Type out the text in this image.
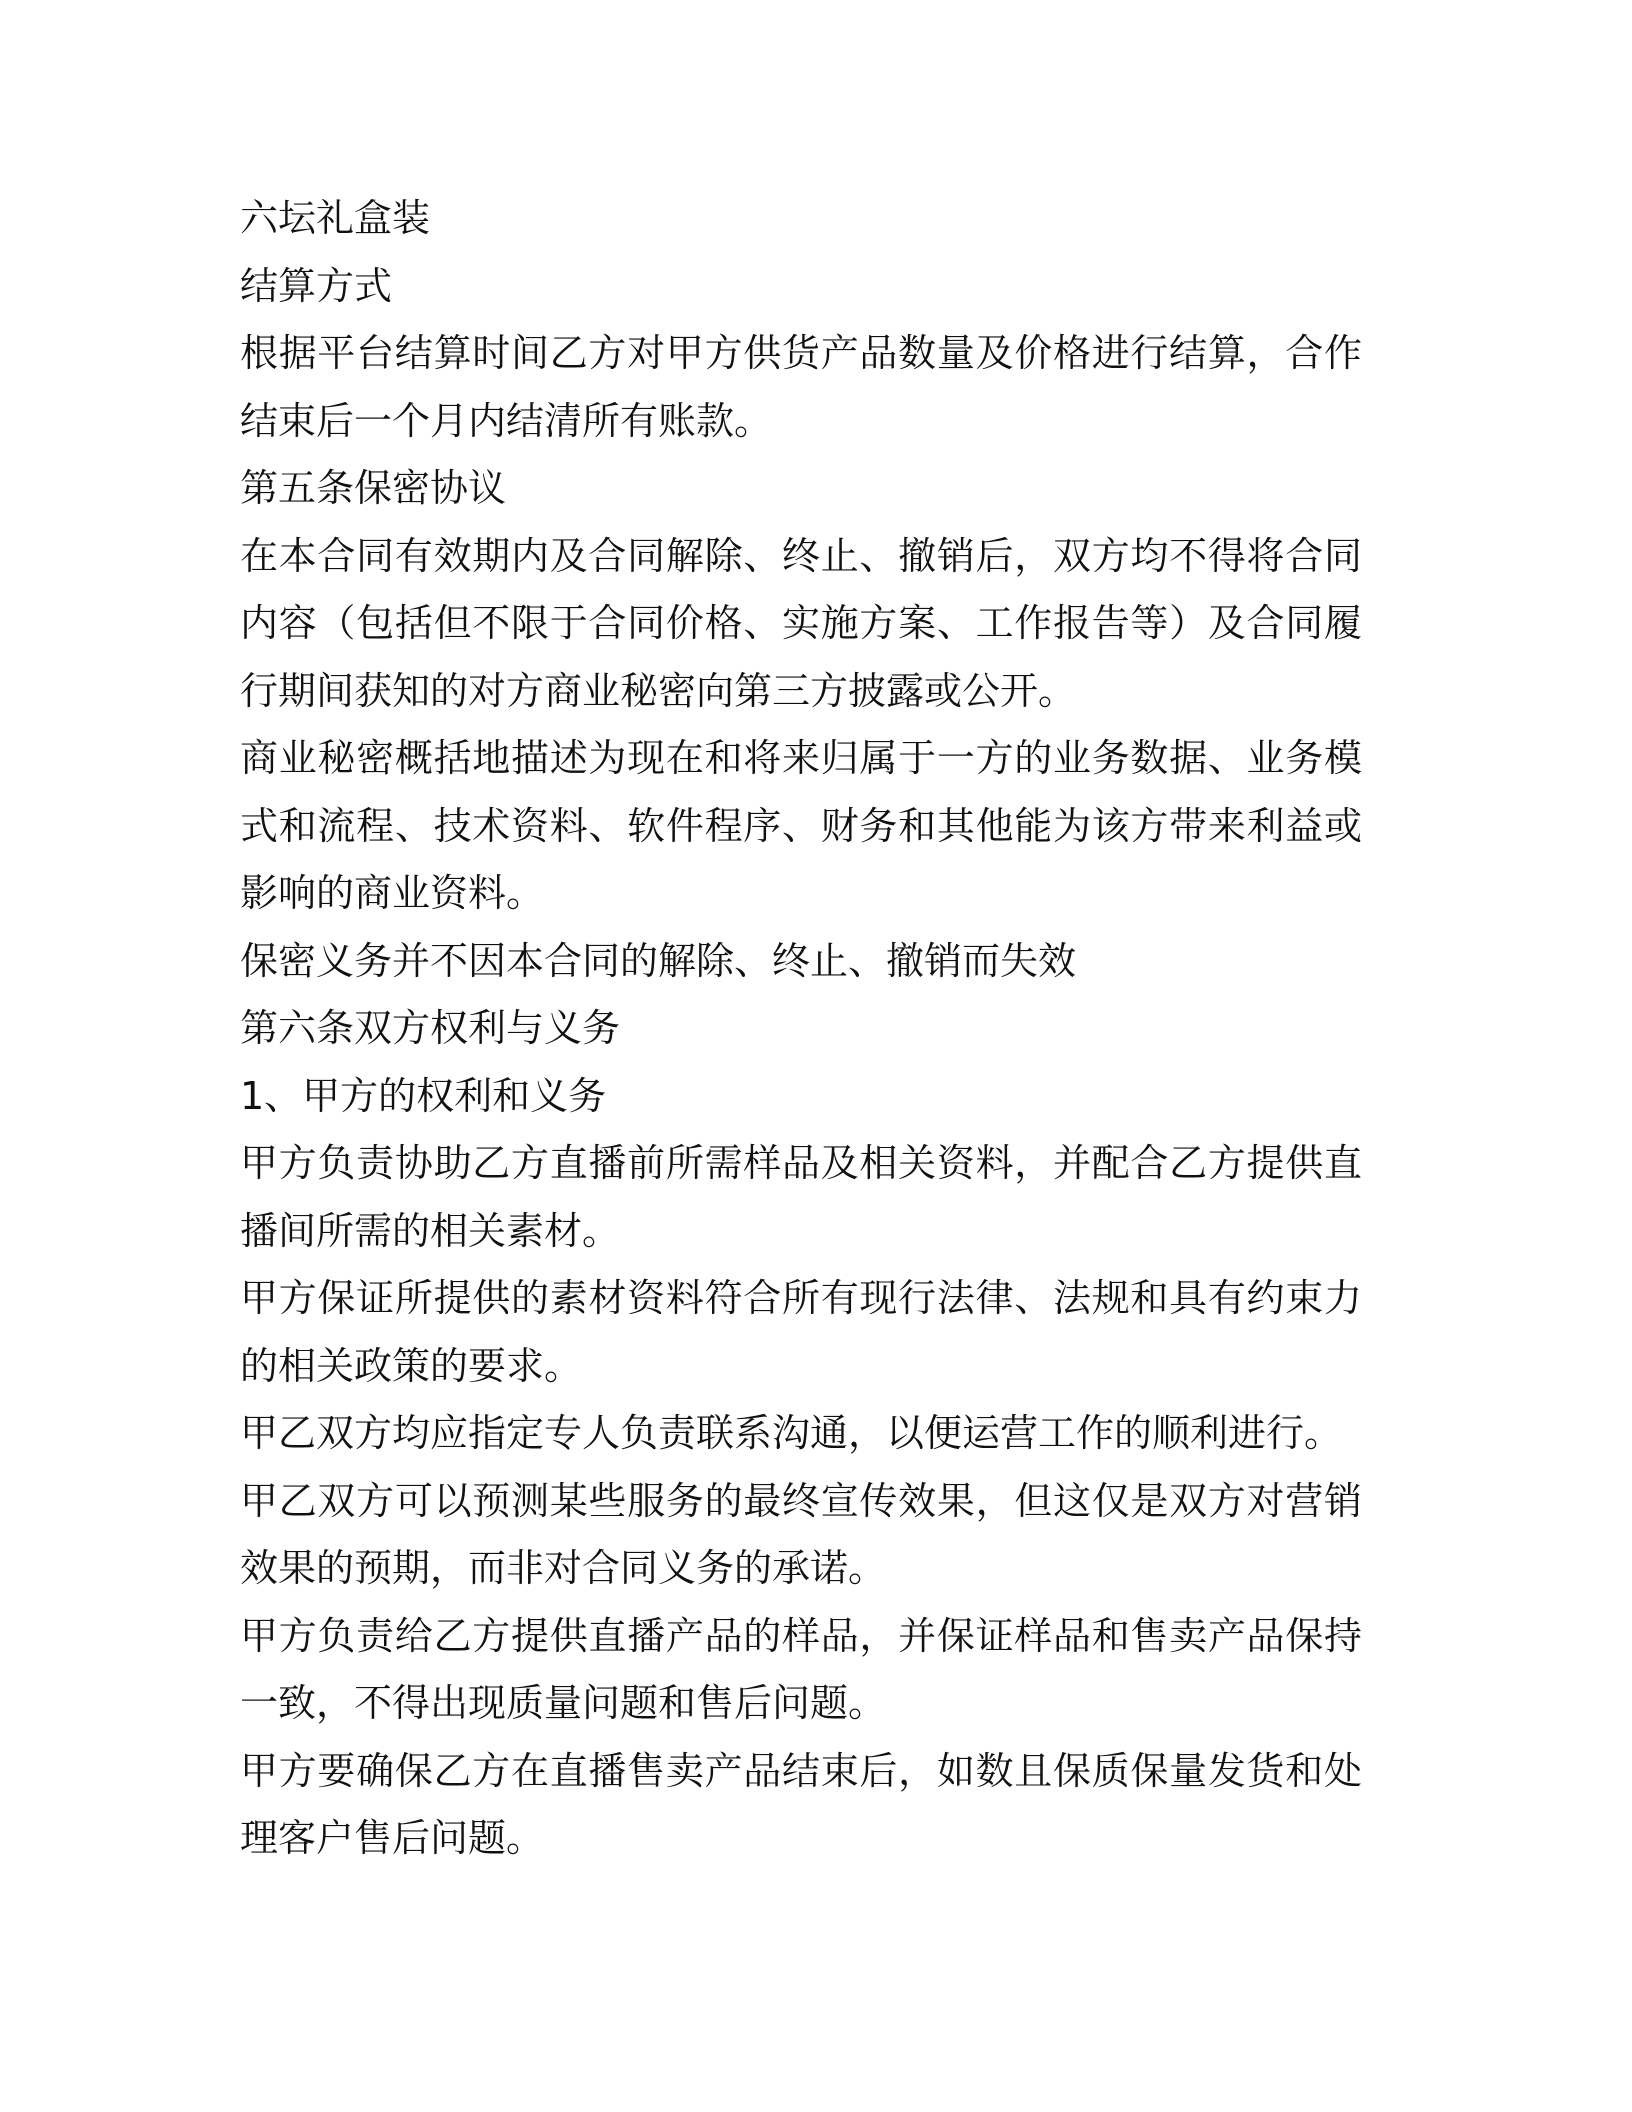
六坛礼盒装

结算方式

根据平台结算时间乙方对甲方供货产品数量及价格进行结算，合作结束后一个月内结清所有账款。

第五条保密协议

在本合同有效期内及合同解除、终止、撤销后，双方均不得将合同内容（包括但不限于合同价格、实施方案、工作报告等）及合同履行期间获知的对方商业秘密向第三方披露或公开。

商业秘密概括地描述为现在和将来归属于一方的业务数据、业务模式和流程、技术资料、软件程序、财务和其他能为该方带来利益或影响的商业资料。

保密义务并不因本合同的解除、终止、撤销而失效

第六条双方权利与义务

1、甲方的权利和义务

甲方负责协助乙方直播前所需样品及相关资料，并配合乙方提供直播间所需的相关素材。

甲方保证所提供的素材资料符合所有现行法律、法规和具有约束力的相关政策的要求。

甲乙双方均应指定专人负责联系沟通，以便运营工作的顺利进行。

甲乙双方可以预测某些服务的最终宣传效果，但这仅是双方对营销效果的预期，而非对合同义务的承诺。

甲方负责给乙方提供直播产品的样品，并保证样品和售卖产品保持一致，不得出现质量问题和售后问题。

甲方要确保乙方在直播售卖产品结束后，如数且保质保量发货和处理客户售后问题。
